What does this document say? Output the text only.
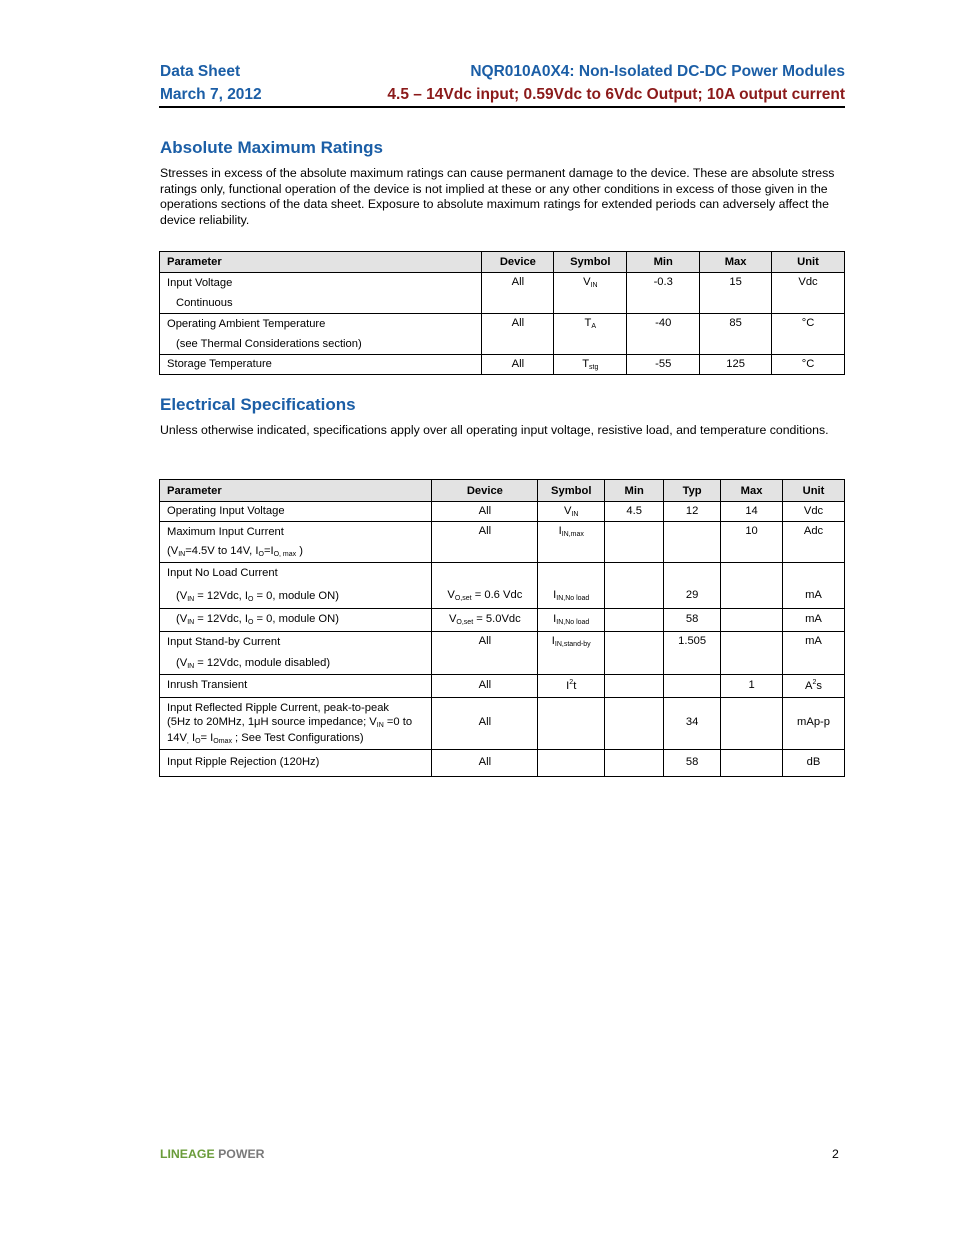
Data Sheet
March 7, 2012
NQR010A0X4: Non-Isolated DC-DC Power Modules
4.5 – 14Vdc input; 0.59Vdc to 6Vdc Output; 10A output current
Absolute Maximum Ratings

Stresses in excess of the absolute maximum ratings can cause permanent damage to the device. These are absolute stress ratings only, functional operation of the device is not implied at these or any other conditions in excess of those given in the operations sections of the data sheet. Exposure to absolute maximum ratings for extended periods can adversely affect the device reliability.

Parameter	Device	Symbol	Min	Max	Unit

Input Voltage
Continuous	All	$V_{IN}$	-0.3	15	Vdc

Operating Ambient Temperature
(see Thermal Considerations section)	All	$T_A$	-40	85	°C
Storage Temperature	All	$T_{stg}$	-55	125	°C
Electrical Specifications

Unless otherwise indicated, specifications apply over all operating input voltage, resistive load, and temperature conditions.

Parameter	Device	Symbol	Min	Typ	Max	Unit
Operating Input Voltage	All	$V_{IN}$	4.5	12	14	Vdc

Maximum Input Current
($V_{IN}=4.5V$ to 14V, $I_O=I_{O, max}$ )	All	$I_{IN,max}$			10	Adc

Input No Load Current
($V_{IN} = 12Vdc$, $I_O = 0$, module ON)	$V_{O,set} = 0.6$ Vdc	$I_{IN,No load}$		29		mA
($V_{IN} = 12Vdc$, $I_O = 0$, module ON)	$V_{O,set} = 5.0Vdc$	$I_{IN,No load}$		58		mA

Input Stand-by Current
($V_{IN} = 12Vdc$, module disabled)	All	$I_{IN,stand-by}$		1.505		mA
Inrush Transient	All	$I^2t$			1	$A^2s$

Input Reflected Ripple Current, peak-to-peak
(5Hz to 20MHz, 1μH source impedance; $V_{IN} =0$ to
$14V_,$ $I_O= I_{Omax}$ ; See Test Configurations)	All			34		mAp-p
Input Ripple Rejection (120Hz)	All			58		dB
LINEAGE POWER	2
